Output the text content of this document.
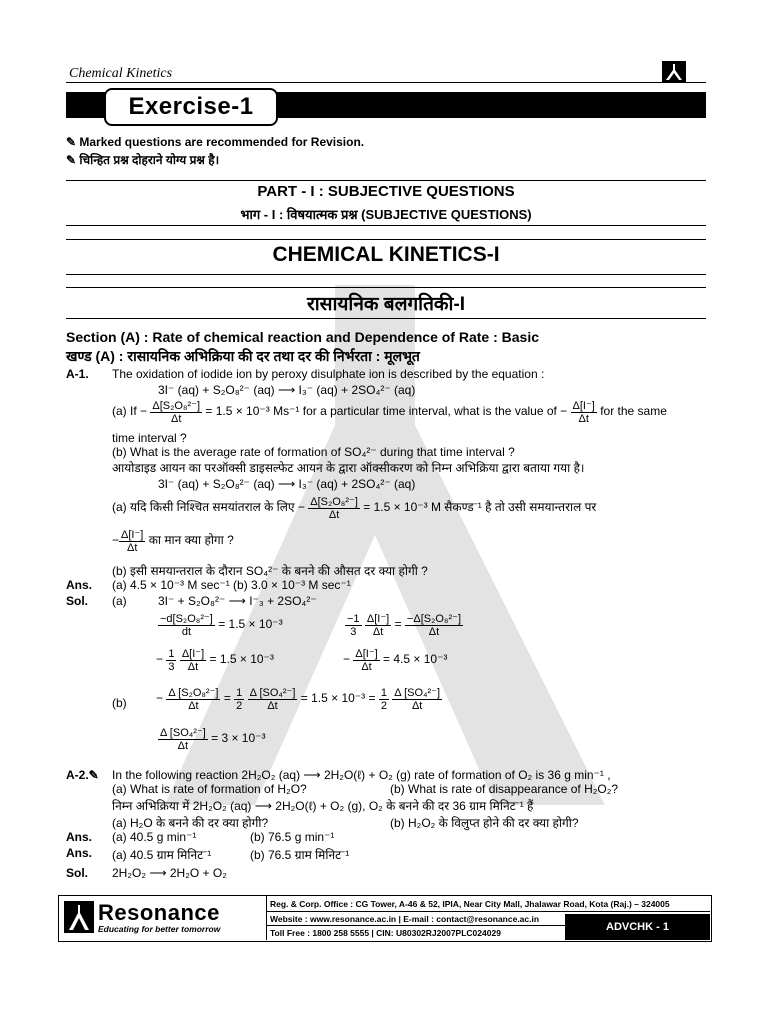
Chemical Kinetics
Exercise-1
✎ Marked questions are recommended for Revision.
✎ चिन्हित प्रश्न दोहराने योग्य प्रश्न है।
PART - I : SUBJECTIVE QUESTIONS
भाग - I : विषयात्मक प्रश्न (SUBJECTIVE QUESTIONS)
CHEMICAL KINETICS-I
रासायनिक बलगतिकी-I
Section (A) : Rate of chemical reaction and Dependence of Rate : Basic
खण्ड (A) : रासायनिक अभिक्रिया की दर तथा दर की निर्भरता : मूलभूत
A-1. The oxidation of iodide ion by peroxy disulphate ion is described by the equation :
3I⁻ (aq) + S₂O₈²⁻ (aq) ⟶ I₃⁻ (aq) + 2SO₄²⁻ (aq)
(a) $If - \frac{\text{Δ[S₂O₈²⁻]}}{\Delta t} = 1.5 \times 10^{-3}$ Ms⁻¹ for a particular time interval, what is the value of − $\frac{\Delta[I^-]}{\Delta t}$ for the same
time interval ?
(b) What is the average rate of formation of SO₄²⁻ during that time interval ?
आयोडाइड आयन का परऑक्सी डाइसल्फेट आयन के द्वारा ऑक्सीकरण को निम्न अभिक्रिया द्वारा बताया गया है।
3I⁻ (aq) + S₂O₈²⁻ (aq) ⟶ I₃⁻ (aq) + 2SO₄²⁻ (aq)
(a) यदि किसी निश्चित समयांतराल के लिए − $\frac{\text{Δ[S₂O₈²⁻]}}{\Delta t} = 1.5 \times 10^{-3}$ M सैकण्ड⁻¹ है तो उसी समयान्तराल पर
− $\frac{\Delta[I^-]}{\Delta t}$ का मान क्या होगा ?
(b) इसी समयान्तराल के दौरान SO₄²⁻ के बनने की औसत दर क्या होगी ?
Ans. (a) 4.5 × 10⁻³ M sec⁻¹ (b) 3.0 × 10⁻³ M sec⁻¹
Sol. (a)	3I⁻ + S₂O₈²⁻ ⟶ I⁻₃ + 2SO₄²⁻
$\frac{\text{−d[S₂O₈²⁻]}}{dt} = 1.5 \times 10^{-3}$	$\frac{-1}{3}$
$\frac{\Delta[I^-]}{\Delta t} = \frac{\text{−Δ[S₂O₈²⁻]}}{\Delta t}$
− $\frac{1}{3}$
$\frac{\Delta[I^-]}{\Delta t} = 1.5 \times 10^{-3}$	− $\frac{\Delta[I^-]}{\Delta t} = 4.5 \times 10^{-3}$
$(b) - \frac{\text{Δ [S₂O₈²⁻]}}{\Delta t} = \frac{1}{2}$
$\frac{\text{Δ [SO₄²⁻]}}{\Delta t} = 1.5 \times 10^{-3} = \frac{1}{2}$
$\frac{\text{Δ [SO₄²⁻]}}{\Delta t}$
$\frac{\text{Δ [SO₄²⁻]}}{\Delta t} = 3 \times 10^{-3}$
A-2.✎ In the following reaction 2H₂O₂ (aq) ⟶ 2H₂O(ℓ) + O₂ (g) rate of formation of O₂ is 36 g min⁻¹ ,
(a) What is rate of formation of H₂O?	(b) What is rate of disappearance of H₂O₂?
निम्न अभिक्रिया में 2H₂O₂ (aq) ⟶ 2H₂O(ℓ) + O₂ (g), O₂ के बनने की दर 36 ग्राम मिनिट⁻¹ हैं
(a) H₂O के बनने की दर क्या होगी?	(b) H₂O₂ के विलुप्त होने की दर क्या होगी?
Ans. (a) 40.5 g min⁻¹	(b) 76.5 g min⁻¹
Ans. (a) 40.5 ग्राम मिनिट⁻¹	(b) 76.5 ग्राम मिनिट⁻¹
Sol. 2H₂O₂ ⟶ 2H₂O + O₂
Resonance
Educating for better tomorrow
Reg. & Corp. Office : CG Tower, A-46 & 52, IPIA, Near City Mall, Jhalawar Road, Kota (Raj.) – 324005
Website : www.resonance.ac.in | E-mail : contact@resonance.ac.in
Toll Free : 1800 258 5555 | CIN: U80302RJ2007PLC024029	ADVCHK - 1
